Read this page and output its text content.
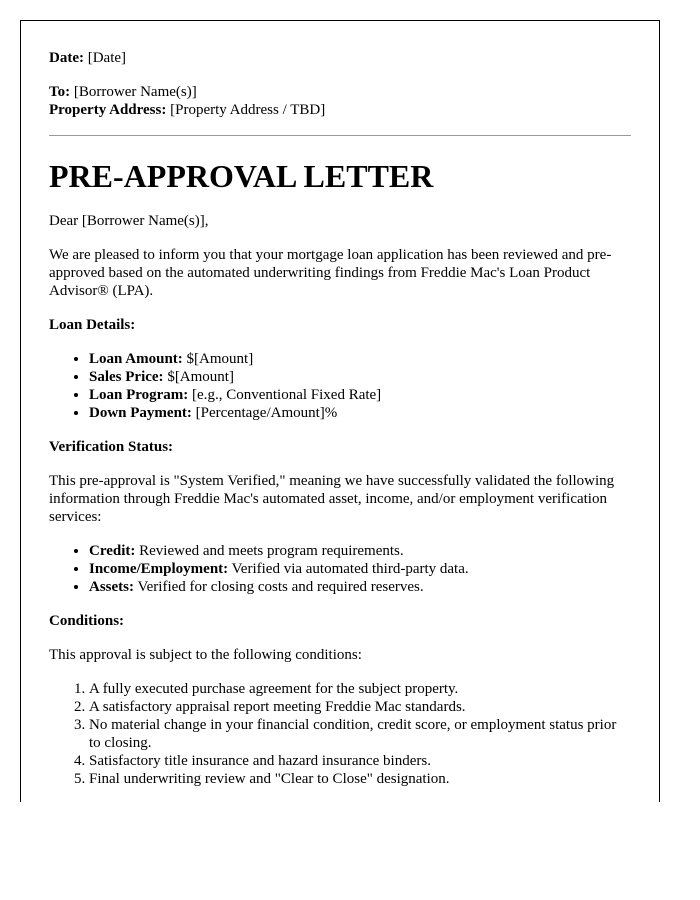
Date: [Date]
To: [Borrower Name(s)]
Property Address: [Property Address / TBD]
PRE-APPROVAL LETTER

Dear [Borrower Name(s)],

We are pleased to inform you that your mortgage loan application has been reviewed and pre-approved based on the automated underwriting findings from Freddie Mac's Loan Product Advisor® (LPA).

Loan Details:
• Loan Amount: $[Amount]
• Sales Price: $[Amount]
• Loan Program: [e.g., Conventional Fixed Rate]
• Down Payment: [Percentage/Amount]%
Verification Status:

This pre-approval is "System Verified," meaning we have successfully validated the following information through Freddie Mac's automated asset, income, and/or employment verification services:

• Credit: Reviewed and meets program requirements.
• Income/Employment: Verified via automated third-party data.
• Assets: Verified for closing costs and required reserves.
Conditions:

This approval is subject to the following conditions:

1. A fully executed purchase agreement for the subject property.
2. A satisfactory appraisal report meeting Freddie Mac standards.
3. No material change in your financial condition, credit score, or employment status prior to closing.
4. Satisfactory title insurance and hazard insurance binders.
5. Final underwriting review and "Clear to Close" designation.
